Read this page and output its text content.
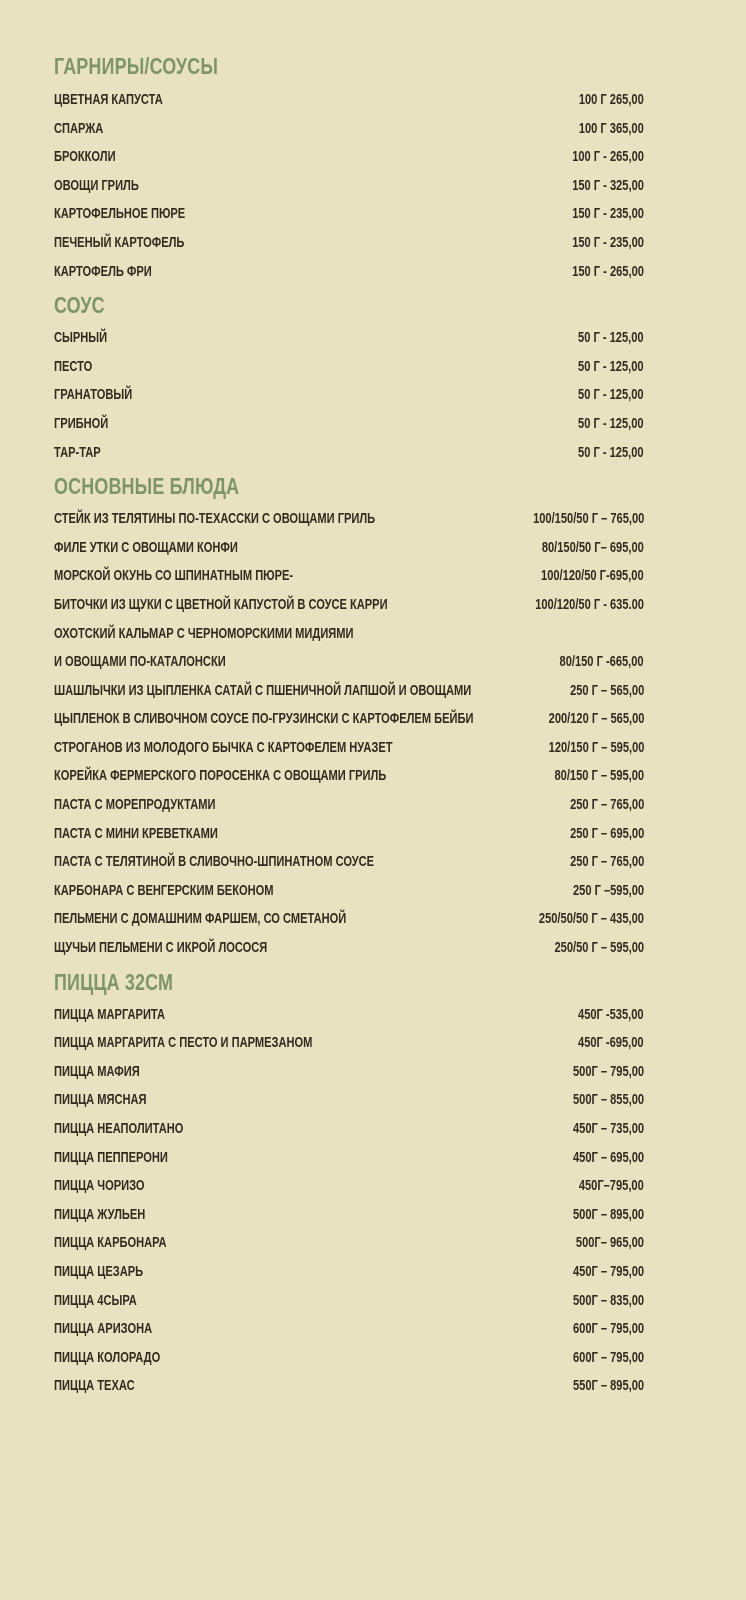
ГАРНИРЫ/СОУСЫ
ЦВЕТНАЯ КАПУСТА	100 Г 265,00
СПАРЖА	100 Г 365,00
БРОККОЛИ	100 Г - 265,00
ОВОЩИ ГРИЛЬ	150 Г - 325,00
КАРТОФЕЛЬНОЕ ПЮРЕ	150 Г - 235,00
ПЕЧЕНЫЙ КАРТОФЕЛЬ	150 Г - 235,00
КАРТОФЕЛЬ ФРИ	150 Г - 265,00
СОУС
СЫРНЫЙ	50 Г - 125,00
ПЕСТО	50 Г - 125,00
ГРАНАТОВЫЙ	50 Г - 125,00
ГРИБНОЙ	50 Г - 125,00
ТАР-ТАР	50 Г - 125,00
ОСНОВНЫЕ БЛЮДА
СТЕЙК ИЗ ТЕЛЯТИНЫ ПО-ТЕХАССКИ С ОВОЩАМИ ГРИЛЬ	100/150/50 Г – 765,00
ФИЛЕ УТКИ С ОВОЩАМИ КОНФИ	80/150/50 Г– 695,00
МОРСКОЙ ОКУНЬ СО ШПИНАТНЫМ ПЮРЕ-	100/120/50 Г-695,00
БИТОЧКИ ИЗ ЩУКИ С ЦВЕТНОЙ КАПУСТОЙ В СОУСЕ КАРРИ	100/120/50 Г - 635.00
ОХОТСКИЙ КАЛЬМАР С ЧЕРНОМОРСКИМИ МИДИЯМИ
И ОВОЩАМИ ПО-КАТАЛОНСКИ	80/150 Г -665,00
ШАШЛЫЧКИ ИЗ ЦЫПЛЕНКА САТАЙ С ПШЕНИЧНОЙ ЛАПШОЙ И ОВОЩАМИ	250 Г – 565,00
ЦЫПЛЕНОК В СЛИВОЧНОМ СОУСЕ ПО-ГРУЗИНСКИ С КАРТОФЕЛЕМ БЕЙБИ	200/120 Г – 565,00
СТРОГАНОВ ИЗ МОЛОДОГО БЫЧКА С КАРТОФЕЛЕМ НУАЗЕТ	120/150 Г – 595,00
КОРЕЙКА ФЕРМЕРСКОГО ПОРОСЕНКА С ОВОЩАМИ ГРИЛЬ	80/150 Г – 595,00
ПАСТА С МОРЕПРОДУКТАМИ	250 Г – 765,00
ПАСТА С МИНИ КРЕВЕТКАМИ	250 Г – 695,00
ПАСТА С ТЕЛЯТИНОЙ В СЛИВОЧНО-ШПИНАТНОМ СОУСЕ	250 Г – 765,00
КАРБОНАРА С ВЕНГЕРСКИМ БЕКОНОМ	250 Г –595,00
ПЕЛЬМЕНИ С ДОМАШНИМ ФАРШЕМ, СО СМЕТАНОЙ	250/50/50 Г – 435,00
ЩУЧЬИ ПЕЛЬМЕНИ С ИКРОЙ ЛОСОСЯ	250/50 Г – 595,00
ПИЦЦА 32СМ
ПИЦЦА МАРГАРИТА	450Г -535,00
ПИЦЦА МАРГАРИТА С ПЕСТО И ПАРМЕЗАНОМ	450Г -695,00
ПИЦЦА МАФИЯ	500Г – 795,00
ПИЦЦА МЯСНАЯ	500Г – 855,00
ПИЦЦА НЕАПОЛИТАНО	450Г – 735,00
ПИЦЦА ПЕППЕРОНИ	450Г – 695,00
ПИЦЦА ЧОРИЗО	450Г–795,00
ПИЦЦА ЖУЛЬЕН	500Г – 895,00
ПИЦЦА КАРБОНАРА	500Г– 965,00
ПИЦЦА ЦЕЗАРЬ	450Г – 795,00
ПИЦЦА 4СЫРА	500Г – 835,00
ПИЦЦА АРИЗОНА	600Г – 795,00
ПИЦЦА КОЛОРАДО	600Г – 795,00
ПИЦЦА ТЕХАС	550Г – 895,00
